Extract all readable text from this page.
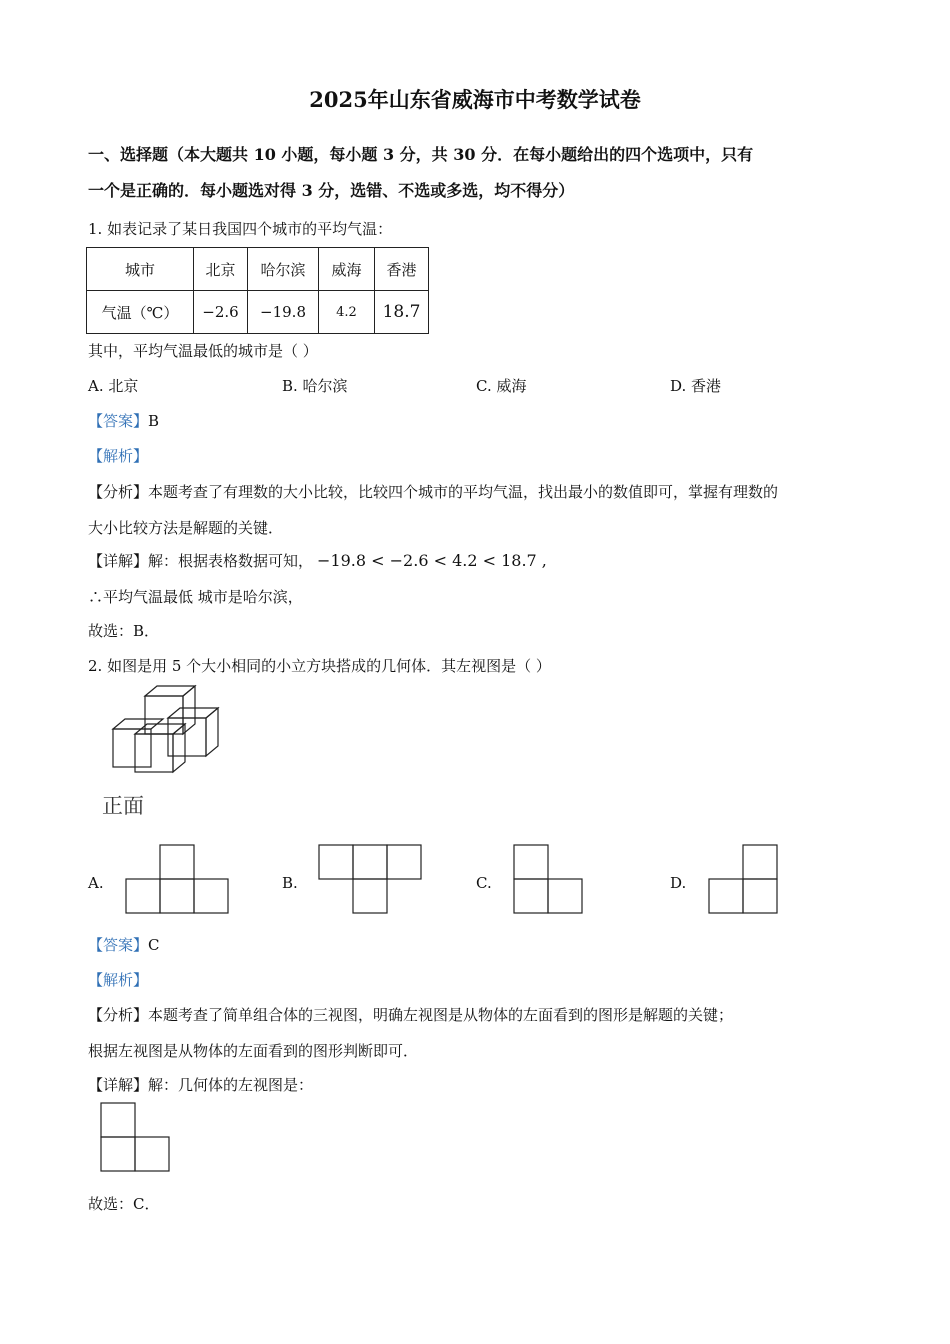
2025年山东省威海市中考数学试卷
一、选择题（本大题共 10 小题，每小题 3 分，共 30 分．在每小题给出的四个选项中，只有
一个是正确的．每小题选对得 3 分，选错、不选或多选，均不得分）
1. 如表记录了某日我国四个城市的平均气温：
城市	北京	哈尔滨	威海	香港
气温（℃）	−2.6	−19.8	4.2	18.7
其中，平均气温最低的城市是（ ）
A. 北京	B. 哈尔滨	C. 威海	D. 香港
【答案】B
【解析】
【分析】本题考查了有理数的大小比较，比较四个城市的平均气温，找出最小的数值即可，掌握有理数的
大小比较方法是解题的关键．
【详解】解：根据表格数据可知， −19.8 < −2.6 < 4.2 < 18.7 ,
∴平均气温最低 城市是哈尔滨，
故选：B．
2. 如图是用 5 个大小相同的小立方块搭成的几何体．其左视图是（ ）
正面
A.	B.	C.	D.
【答案】C
【解析】
【分析】本题考查了简单组合体的三视图，明确左视图是从物体的左面看到的图形是解题的关键；
根据左视图是从物体的左面看到的图形判断即可．
【详解】解：几何体的左视图是：
故选：C．
